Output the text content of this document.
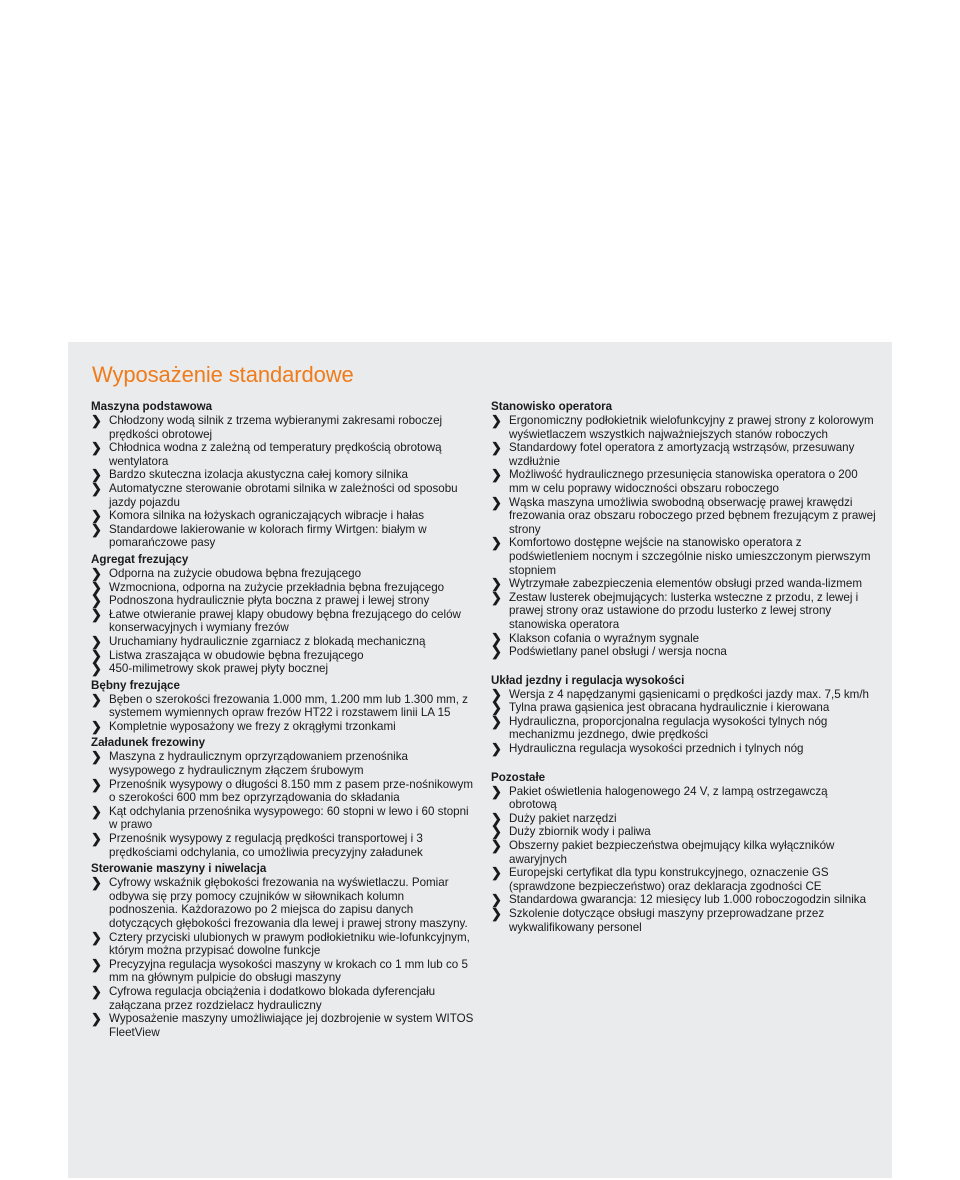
Wyposażenie standardowe
Maszyna podstawowa
❯ Chłodzony wodą silnik z trzema wybieranymi zakresami roboczej prędkości obrotowej
❯ Chłodnica wodna z zależną od temperatury prędkością obrotową wentylatora
❯ Bardzo skuteczna izolacja akustyczna całej komory silnika
❯ Automatyczne sterowanie obrotami silnika w zależności od sposobu jazdy pojazdu
❯ Komora silnika na łożyskach ograniczających wibracje i hałas
❯ Standardowe lakierowanie w kolorach firmy Wirtgen: białym w pomarańczowe pasy
Agregat frezujący
❯ Odporna na zużycie obudowa bębna frezującego
❯ Wzmocniona, odporna na zużycie przekładnia bębna frezującego
❯ Podnoszona hydraulicznie płyta boczna z prawej i lewej strony
❯ Łatwe otwieranie prawej klapy obudowy bębna frezującego do celów konserwacyjnych i wymiany frezów
❯ Uruchamiany hydraulicznie zgarniacz z blokadą mechaniczną
❯ Listwa zraszająca w obudowie bębna frezującego
❯ 450-milimetrowy skok prawej płyty bocznej
Bębny frezujące
❯ Bęben o szerokości frezowania 1.000 mm, 1.200 mm lub 1.300 mm, z systemem wymiennych opraw frezów HT22 i rozstawem linii LA 15
❯ Kompletnie wyposażony we frezy z okrągłymi trzonkami
Załadunek frezowiny
❯ Maszyna z hydraulicznym oprzyrządowaniem przenośnika wysypowego z hydraulicznym złączem śrubowym
❯ Przenośnik wysypowy o długości 8.150 mm z pasem prze-nośnikowym o szerokości 600 mm bez oprzyrządowania do składania
❯ Kąt odchylania przenośnika wysypowego: 60 stopni w lewo i 60 stopni w prawo
❯ Przenośnik wysypowy z regulacją prędkości transportowej i 3 prędkościami odchylania, co umożliwia precyzyjny załadunek
Sterowanie maszyny i niwelacja
❯ Cyfrowy wskaźnik głębokości frezowania na wyświetlaczu. Pomiar odbywa się przy pomocy czujników w siłownikach kolumn podnoszenia. Każdorazowo po 2 miejsca do zapisu danych dotyczących głębokości frezowania dla lewej i prawej strony maszyny.
❯ Cztery przyciski ulubionych w prawym podłokietniku wie-lofunkcyjnym, którym można przypisać dowolne funkcje
❯ Precyzyjna regulacja wysokości maszyny w krokach co 1 mm lub co 5 mm na głównym pulpicie do obsługi maszyny
❯ Cyfrowa regulacja obciążenia i dodatkowo blokada dyferencjału załączana przez rozdzielacz hydrauliczny
❯ Wyposażenie maszyny umożliwiające jej dozbrojenie w system WITOS FleetView
Stanowisko operatora
❯ Ergonomiczny podłokietnik wielofunkcyjny z prawej strony z kolorowym wyświetlaczem wszystkich najważniejszych stanów roboczych
❯ Standardowy fotel operatora z amortyzacją wstrząsów, przesuwany wzdłużnie
❯ Możliwość hydraulicznego przesunięcia stanowiska operatora o 200 mm w celu poprawy widoczności obszaru roboczego
❯ Wąska maszyna umożliwia swobodną obserwację prawej krawędzi frezowania oraz obszaru roboczego przed bębnem frezującym z prawej strony
❯ Komfortowo dostępne wejście na stanowisko operatora z podświetleniem nocnym i szczególnie nisko umieszczonym pierwszym stopniem
❯ Wytrzymałe zabezpieczenia elementów obsługi przed wanda-lizmem
❯ Zestaw lusterek obejmujących: lusterka wsteczne z przodu, z lewej i prawej strony oraz ustawione do przodu lusterko z lewej strony stanowiska operatora
❯ Klakson cofania o wyraźnym sygnale
❯ Podświetlany panel obsługi / wersja nocna
Układ jezdny i regulacja wysokości
❯ Wersja z 4 napędzanymi gąsienicami o prędkości jazdy max. 7,5 km/h
❯ Tylna prawa gąsienica jest obracana hydraulicznie i kierowana
❯ Hydrauliczna, proporcjonalna regulacja wysokości tylnych nóg mechanizmu jezdnego, dwie prędkości
❯ Hydrauliczna regulacja wysokości przednich i tylnych nóg
Pozostałe
❯ Pakiet oświetlenia halogenowego 24 V, z lampą ostrzegawczą obrotową
❯ Duży pakiet narzędzi
❯ Duży zbiornik wody i paliwa
❯ Obszerny pakiet bezpieczeństwa obejmujący kilka wyłączników awaryjnych
❯ Europejski certyfikat dla typu konstrukcyjnego, oznaczenie GS (sprawdzone bezpieczeństwo) oraz deklaracja zgodności CE
❯ Standardowa gwarancja: 12 miesięcy lub 1.000 roboczogodzin silnika
❯ Szkolenie dotyczące obsługi maszyny przeprowadzane przez wykwalifikowany personel
